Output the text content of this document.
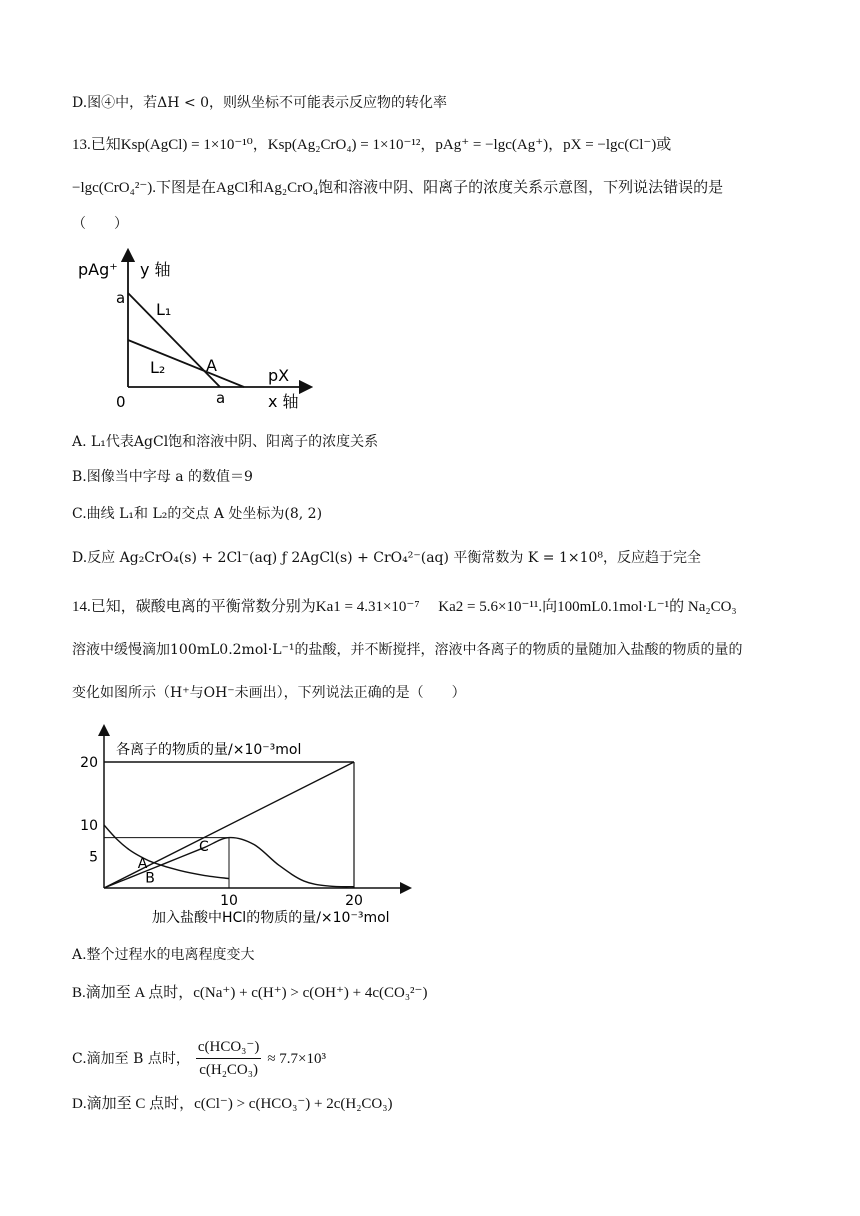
D.图④中，若ΔH < 0，则纵坐标不可能表示反应物的转化率
13.已知Ksp(AgCl) = 1×10⁻¹⁰，Ksp(Ag₂CrO₄) = 1×10⁻¹²，pAg⁺ = −lgc(Ag⁺)，pX = −lgc(Cl⁻)或
−lgc(CrO₄²⁻).下图是在AgCl和Ag₂CrO₄饱和溶液中阴、阳离子的浓度关系示意图，下列说法错误的是
（　　）
pAg⁺ y 轴
a
L₁
L₂	A
pX
0	a	x 轴
A. L₁代表AgCl饱和溶液中阴、阳离子的浓度关系
B.图像当中字母 a 的数值＝9
C.曲线 L₁和 L₂的交点 A 处坐标为(8, 2)
D.反应 Ag₂CrO₄(s) + 2Cl⁻(aq) ƒ 2AgCl(s) + CrO₄²⁻(aq) 平衡常数为 K = 1×10⁸，反应趋于完全
14.已知，碳酸电离的平衡常数分别为Ka1 = 4.31×10⁻⁷　 Ka2 = 5.6×10⁻¹¹.向100mL0.1mol·L⁻¹的 Na₂CO₃
溶液中缓慢滴加100mL0.2mol·L⁻¹的盐酸，并不断搅拌，溶液中各离子的物质的量随加入盐酸的物质的量的
变化如图所示（H⁺与OH⁻未画出），下列说法正确的是（　　）
各离子的物质的量/×10⁻³mol
加入盐酸中HCl的物质的量/×10⁻³mol
20
10
5
10	20
A
B
C
A.整个过程水的电离程度变大
B.滴加至 A 点时，c(Na⁺) + c(H⁺) > c(OH⁺) + 4c(CO₃²⁻)
C.滴加至 B 点时，
c(HCO₃⁻)
c(H₂CO₃)
≈ 7.7×10³
D.滴加至 C 点时，c(Cl⁻) > c(HCO₃⁻) + 2c(H₂CO₃)
